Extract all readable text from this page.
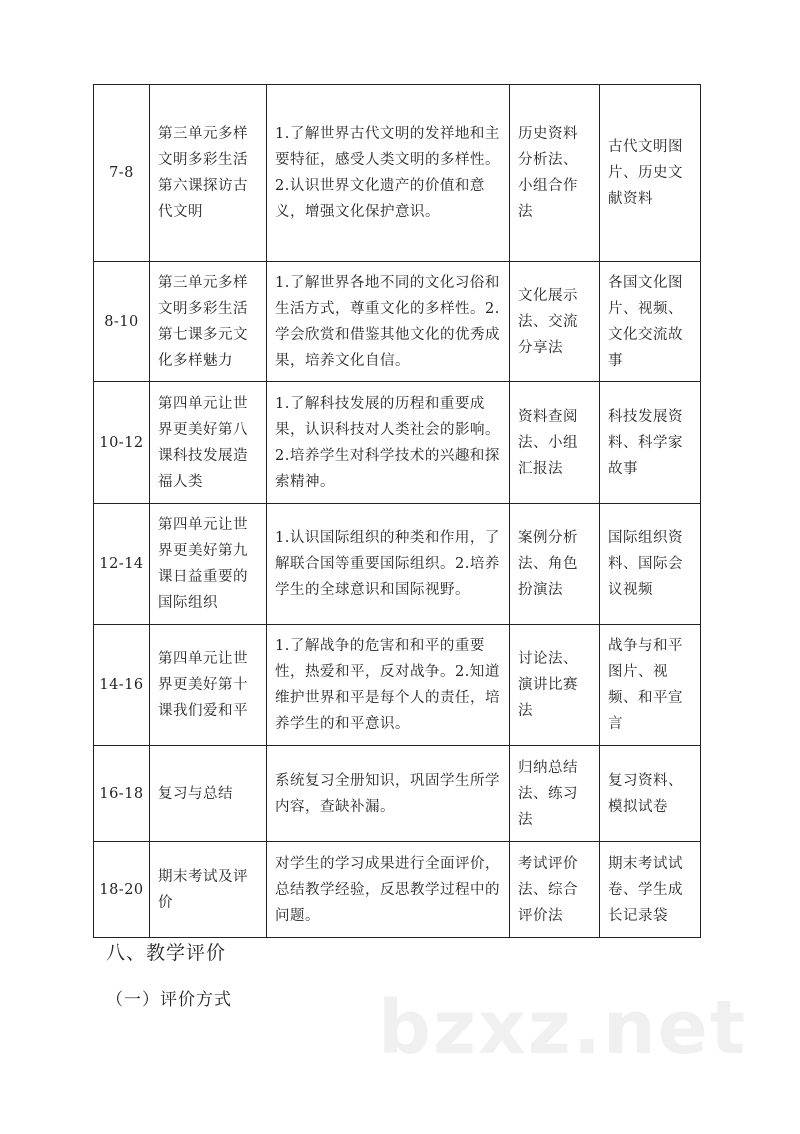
7-8	第三单元多样文明多彩生活第六课探访古代文明	1.了解世界古代文明的发祥地和主要特征，感受人类文明的多样性。2.认识世界文化遗产的价值和意义，增强文化保护意识。	历史资料分析法、小组合作法	古代文明图片、历史文献资料
8-10	第三单元多样文明多彩生活第七课多元文化多样魅力	1.了解世界各地不同的文化习俗和生活方式，尊重文化的多样性。2.学会欣赏和借鉴其他文化的优秀成果，培养文化自信。	文化展示法、交流分享法	各国文化图片、视频、文化交流故事
10-12	第四单元让世界更美好第八课科技发展造福人类	1.了解科技发展的历程和重要成果，认识科技对人类社会的影响。2.培养学生对科学技术的兴趣和探索精神。	资料查阅法、小组汇报法	科技发展资料、科学家故事
12-14	第四单元让世界更美好第九课日益重要的国际组织	1.认识国际组织的种类和作用，了解联合国等重要国际组织。2.培养学生的全球意识和国际视野。	案例分析法、角色扮演法	国际组织资料、国际会议视频
14-16	第四单元让世界更美好第十课我们爱和平	1.了解战争的危害和和平的重要性，热爱和平，反对战争。2.知道维护世界和平是每个人的责任，培养学生的和平意识。	讨论法、演讲比赛法	战争与和平图片、视频、和平宣言
16-18	复习与总结	系统复习全册知识，巩固学生所学内容，查缺补漏。	归纳总结法、练习法	复习资料、模拟试卷
18-20	期末考试及评价	对学生的学习成果进行全面评价，总结教学经验，反思教学过程中的问题。	考试评价法、综合评价法	期末考试试卷、学生成长记录袋
八、教学评价
（一）评价方式 bzxz.net
